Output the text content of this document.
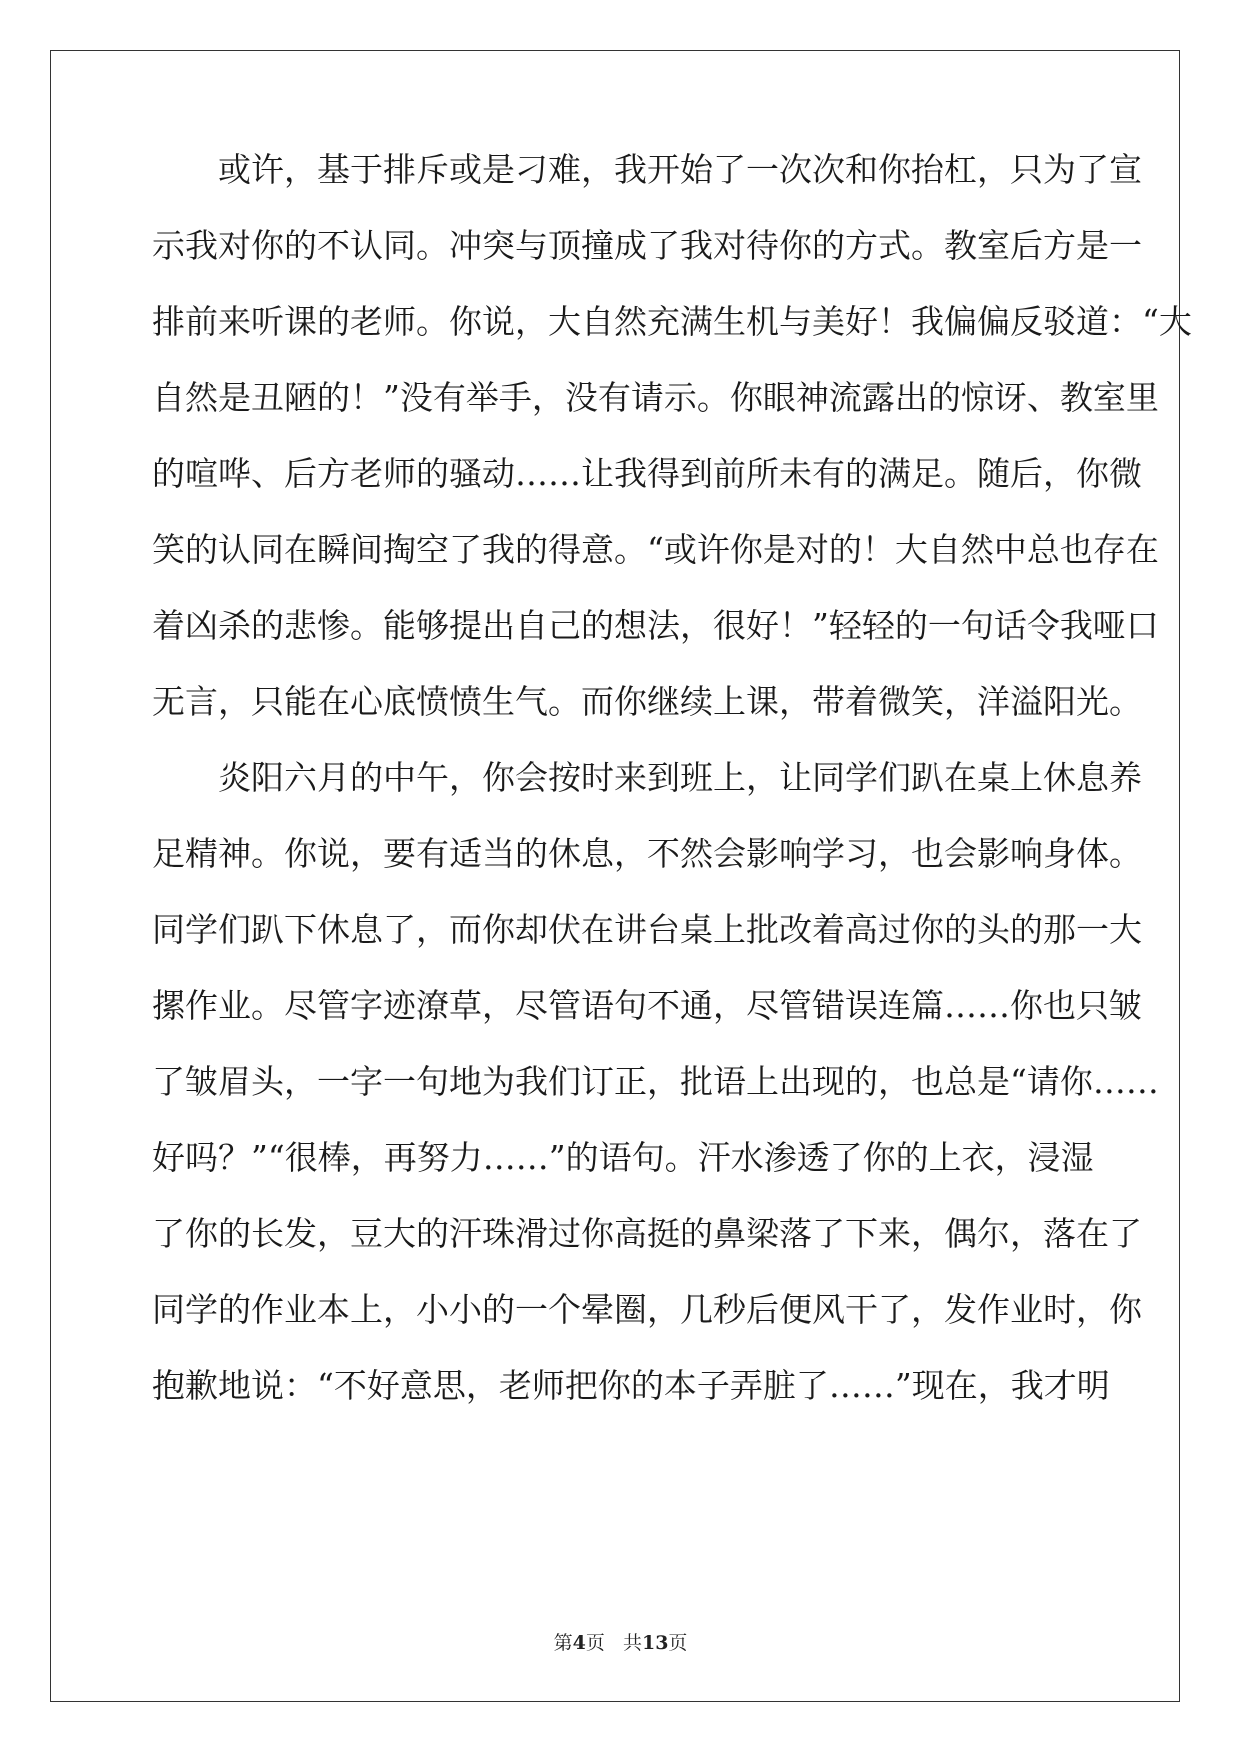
或许，基于排斥或是刁难，我开始了一次次和你抬杠，只为了宣

示我对你的不认同。冲突与顶撞成了我对待你的方式。教室后方是一

排前来听课的老师。你说，大自然充满生机与美好！我偏偏反驳道：“大

自然是丑陋的！”没有举手，没有请示。你眼神流露出的惊讶、教室里

的喧哗、后方老师的骚动……让我得到前所未有的满足。随后，你微

笑的认同在瞬间掏空了我的得意。“或许你是对的！大自然中总也存在

着凶杀的悲惨。能够提出自己的想法，很好！”轻轻的一句话令我哑口

无言，只能在心底愤愤生气。而你继续上课，带着微笑，洋溢阳光。

炎阳六月的中午，你会按时来到班上，让同学们趴在桌上休息养

足精神。你说，要有适当的休息，不然会影响学习，也会影响身体。

同学们趴下休息了，而你却伏在讲台桌上批改着高过你的头的那一大

摞作业。尽管字迹潦草，尽管语句不通，尽管错误连篇……你也只皱

了皱眉头，一字一句地为我们订正，批语上出现的，也总是“请你……

好吗？”“很棒，再努力……”的语句。汗水渗透了你的上衣，浸湿

了你的长发，豆大的汗珠滑过你高挺的鼻梁落了下来，偶尔，落在了

同学的作业本上，小小的一个晕圈，几秒后便风干了，发作业时，你

抱歉地说：“不好意思，老师把你的本子弄脏了……”现在，我才明

第4页 共13页
